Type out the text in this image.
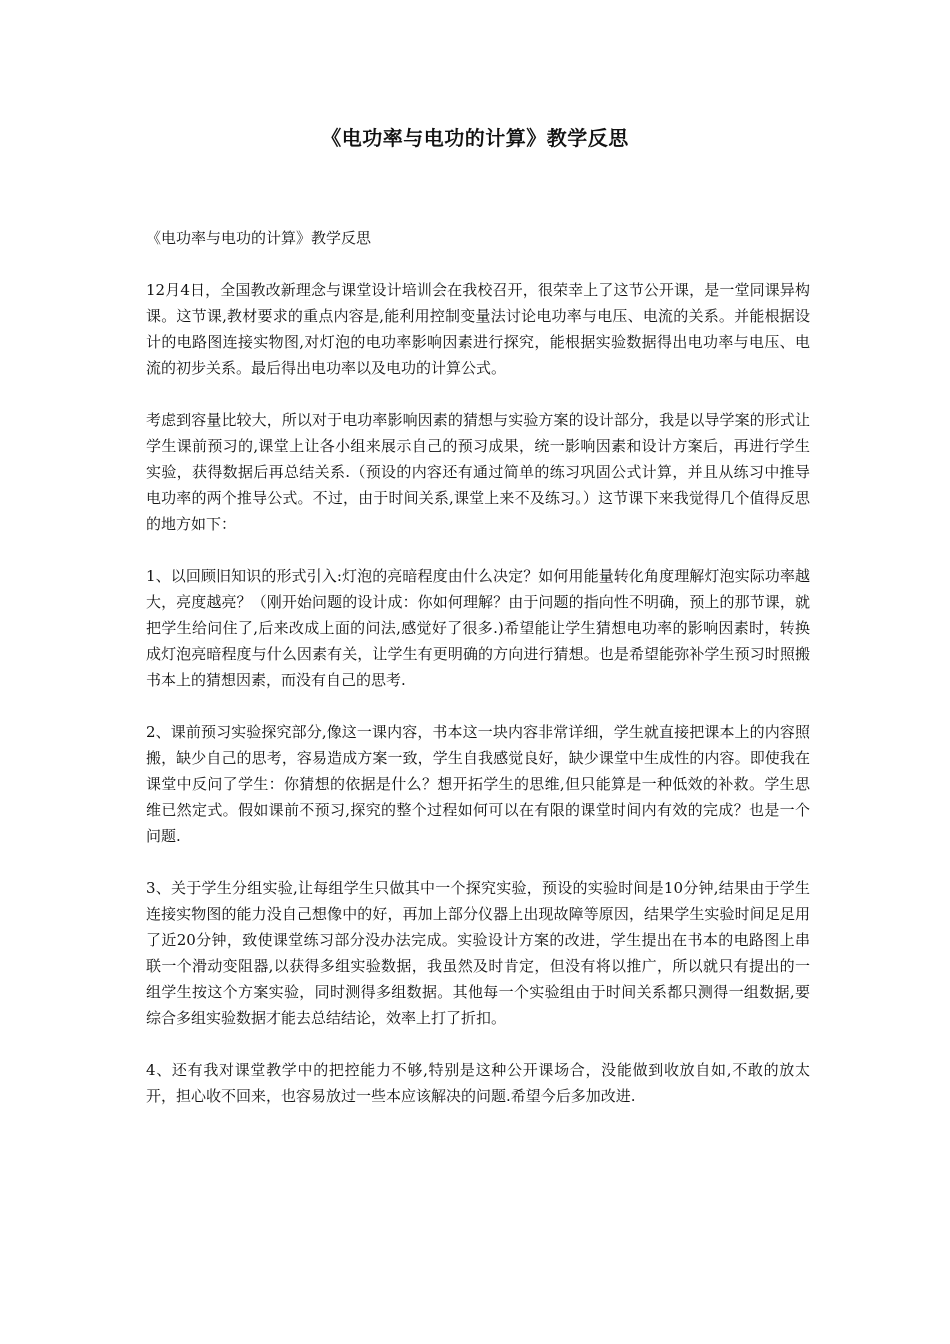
《电功率与电功的计算》教学反思

《电功率与电功的计算》教学反思

12月4日，全国教改新理念与课堂设计培训会在我校召开，很荣幸上了这节公开课，是一堂同课异构课。这节课,教材要求的重点内容是,能利用控制变量法讨论电功率与电压、电流的关系。并能根据设计的电路图连接实物图,对灯泡的电功率影响因素进行探究，能根据实验数据得出电功率与电压、电流的初步关系。最后得出电功率以及电功的计算公式。

考虑到容量比较大，所以对于电功率影响因素的猜想与实验方案的设计部分，我是以导学案的形式让学生课前预习的,课堂上让各小组来展示自己的预习成果，统一影响因素和设计方案后，再进行学生实验，获得数据后再总结关系.（预设的内容还有通过简单的练习巩固公式计算，并且从练习中推导电功率的两个推导公式。不过，由于时间关系,课堂上来不及练习。）这节课下来我觉得几个值得反思的地方如下：

1、以回顾旧知识的形式引入:灯泡的亮暗程度由什么决定？如何用能量转化角度理解灯泡实际功率越大，亮度越亮？（刚开始问题的设计成：你如何理解？由于问题的指向性不明确，预上的那节课，就把学生给问住了,后来改成上面的问法,感觉好了很多.)希望能让学生猜想电功率的影响因素时，转换成灯泡亮暗程度与什么因素有关，让学生有更明确的方向进行猜想。也是希望能弥补学生预习时照搬书本上的猜想因素，而没有自己的思考.

2、课前预习实验探究部分,像这一课内容，书本这一块内容非常详细，学生就直接把课本上的内容照搬，缺少自己的思考，容易造成方案一致，学生自我感觉良好，缺少课堂中生成性的内容。即使我在课堂中反问了学生：你猜想的依据是什么？想开拓学生的思维,但只能算是一种低效的补救。学生思维已然定式。假如课前不预习,探究的整个过程如何可以在有限的课堂时间内有效的完成？也是一个问题.

3、关于学生分组实验,让每组学生只做其中一个探究实验，预设的实验时间是10分钟,结果由于学生连接实物图的能力没自己想像中的好，再加上部分仪器上出现故障等原因，结果学生实验时间足足用了近20分钟，致使课堂练习部分没办法完成。实验设计方案的改进，学生提出在书本的电路图上串联一个滑动变阻器,以获得多组实验数据，我虽然及时肯定，但没有将以推广，所以就只有提出的一组学生按这个方案实验，同时测得多组数据。其他每一个实验组由于时间关系都只测得一组数据,要综合多组实验数据才能去总结结论，效率上打了折扣。

4、还有我对课堂教学中的把控能力不够,特别是这种公开课场合，没能做到收放自如,不敢的放太开，担心收不回来，也容易放过一些本应该解决的问题.希望今后多加改进.
